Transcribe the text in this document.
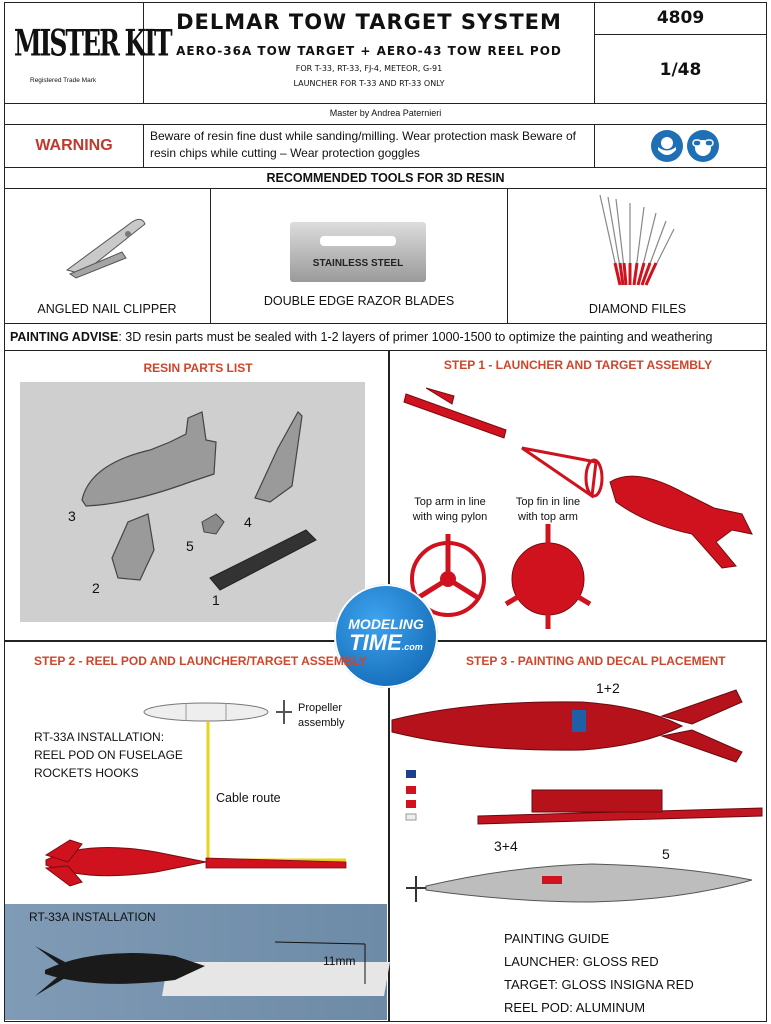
MISTER KIT
Registered Trade Mark
DELMAR TOW TARGET SYSTEM
AERO-36A TOW TARGET + AERO-43 TOW REEL POD
FOR T-33, RT-33, FJ-4, METEOR, G-91
LAUNCHER FOR T-33 AND RT-33 ONLY
4809
1/48
Master by Andrea Paternieri
WARNING
Beware of resin fine dust while sanding/milling. Wear protection mask Beware of resin chips while cutting – Wear protection goggles
RECOMMENDED TOOLS FOR 3D RESIN
ANGLED NAIL CLIPPER
STAINLESS STEEL
DOUBLE EDGE RAZOR BLADES
DIAMOND FILES
PAINTING ADVISE: 3D resin parts must be sealed with 1-2 layers of primer 1000-1500 to optimize the painting and weathering
RESIN PARTS LIST
3	4
5
2
1
STEP 1 - LAUNCHER AND TARGET ASSEMBLY
Top arm in line with wing pylon
Top fin in line with top arm
MODELING
TIME.com
STEP 2 - REEL POD AND LAUNCHER/TARGET ASSEMBLY
Propeller assembly
RT-33A INSTALLATION:
REEL POD ON FUSELAGE
ROCKETS HOOKS
Cable route
RT-33A INSTALLATION
11mm
STEP 3 - PAINTING AND DECAL PLACEMENT
1+2
3+4	5
PAINTING GUIDE
LAUNCHER: GLOSS RED
TARGET: GLOSS INSIGNA RED
REEL POD: ALUMINUM
